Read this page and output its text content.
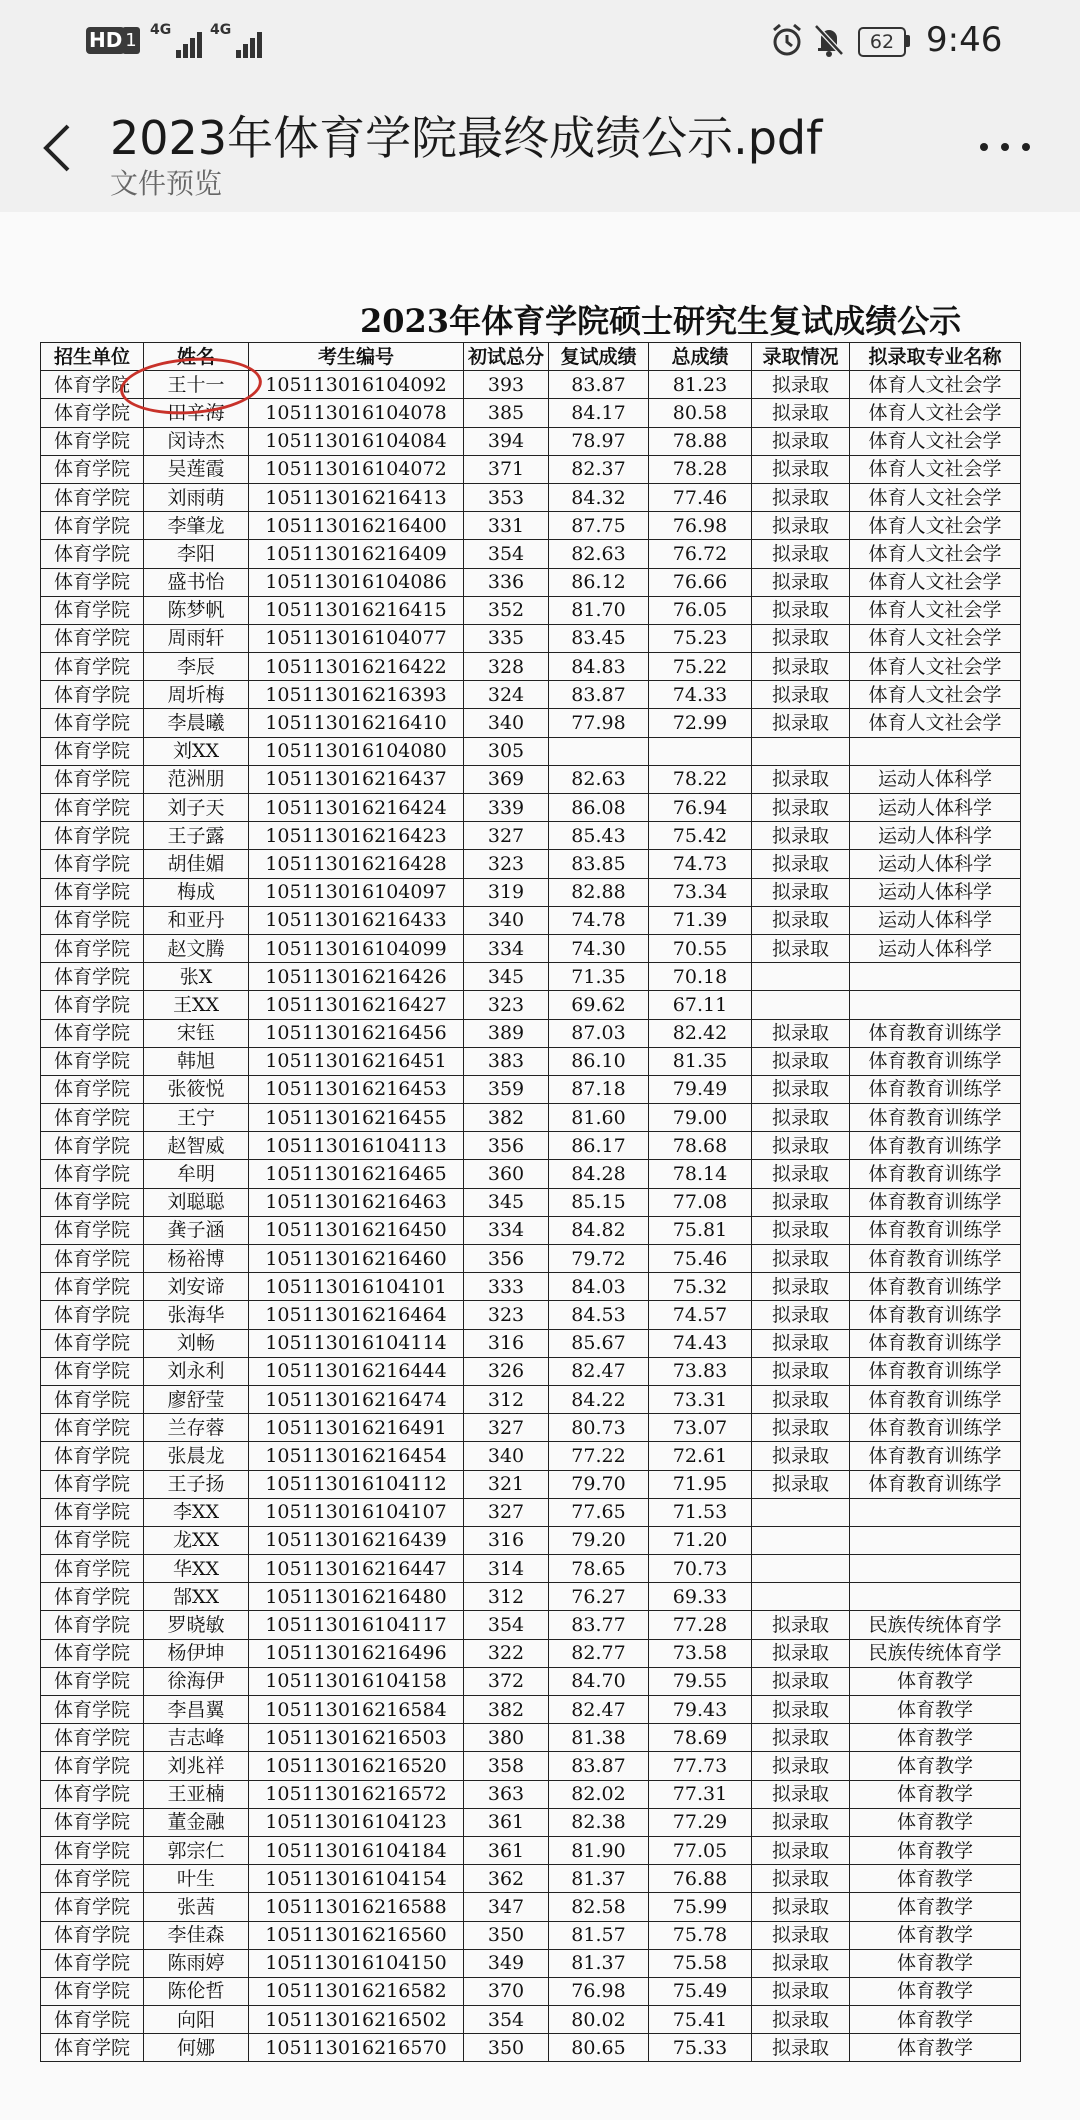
HD 1 4G	4G
62 9:46
2023年体育学院最终成绩公示.pdf
文件预览
2023年体育学院硕士研究生复试成绩公示
招生单位	姓名	考生编号	初试总分	复试成绩	总成绩	录取情况	拟录取专业名称
体育学院	王十一	105113016104092	393	83.87	81.23	拟录取	体育人文社会学
体育学院	田辛海	105113016104078	385	84.17	80.58	拟录取	体育人文社会学
体育学院	闵诗杰	105113016104084	394	78.97	78.88	拟录取	体育人文社会学
体育学院	吴莲霞	105113016104072	371	82.37	78.28	拟录取	体育人文社会学
体育学院	刘雨萌	105113016216413	353	84.32	77.46	拟录取	体育人文社会学
体育学院	李肇龙	105113016216400	331	87.75	76.98	拟录取	体育人文社会学
体育学院	李阳	105113016216409	354	82.63	76.72	拟录取	体育人文社会学
体育学院	盛书怡	105113016104086	336	86.12	76.66	拟录取	体育人文社会学
体育学院	陈梦帆	105113016216415	352	81.70	76.05	拟录取	体育人文社会学
体育学院	周雨轩	105113016104077	335	83.45	75.23	拟录取	体育人文社会学
体育学院	李辰	105113016216422	328	84.83	75.22	拟录取	体育人文社会学
体育学院	周圻梅	105113016216393	324	83.87	74.33	拟录取	体育人文社会学
体育学院	李晨曦	105113016216410	340	77.98	72.99	拟录取	体育人文社会学
体育学院	刘XX	105113016104080	305				
体育学院	范洲朋	105113016216437	369	82.63	78.22	拟录取	运动人体科学
体育学院	刘子天	105113016216424	339	86.08	76.94	拟录取	运动人体科学
体育学院	王子露	105113016216423	327	85.43	75.42	拟录取	运动人体科学
体育学院	胡佳媚	105113016216428	323	83.85	74.73	拟录取	运动人体科学
体育学院	梅成	105113016104097	319	82.88	73.34	拟录取	运动人体科学
体育学院	和亚丹	105113016216433	340	74.78	71.39	拟录取	运动人体科学
体育学院	赵文腾	105113016104099	334	74.30	70.55	拟录取	运动人体科学
体育学院	张X	105113016216426	345	71.35	70.18		
体育学院	王XX	105113016216427	323	69.62	67.11		
体育学院	宋钰	105113016216456	389	87.03	82.42	拟录取	体育教育训练学
体育学院	韩旭	105113016216451	383	86.10	81.35	拟录取	体育教育训练学
体育学院	张筱悦	105113016216453	359	87.18	79.49	拟录取	体育教育训练学
体育学院	王宁	105113016216455	382	81.60	79.00	拟录取	体育教育训练学
体育学院	赵智威	105113016104113	356	86.17	78.68	拟录取	体育教育训练学
体育学院	牟明	105113016216465	360	84.28	78.14	拟录取	体育教育训练学
体育学院	刘聪聪	105113016216463	345	85.15	77.08	拟录取	体育教育训练学
体育学院	龚子涵	105113016216450	334	84.82	75.81	拟录取	体育教育训练学
体育学院	杨裕博	105113016216460	356	79.72	75.46	拟录取	体育教育训练学
体育学院	刘安谛	105113016104101	333	84.03	75.32	拟录取	体育教育训练学
体育学院	张海华	105113016216464	323	84.53	74.57	拟录取	体育教育训练学
体育学院	刘畅	105113016104114	316	85.67	74.43	拟录取	体育教育训练学
体育学院	刘永利	105113016216444	326	82.47	73.83	拟录取	体育教育训练学
体育学院	廖舒莹	105113016216474	312	84.22	73.31	拟录取	体育教育训练学
体育学院	兰存蓉	105113016216491	327	80.73	73.07	拟录取	体育教育训练学
体育学院	张晨龙	105113016216454	340	77.22	72.61	拟录取	体育教育训练学
体育学院	王子扬	105113016104112	321	79.70	71.95	拟录取	体育教育训练学
体育学院	李XX	105113016104107	327	77.65	71.53		
体育学院	龙XX	105113016216439	316	79.20	71.20		
体育学院	华XX	105113016216447	314	78.65	70.73		
体育学院	郜XX	105113016216480	312	76.27	69.33		
体育学院	罗晓敏	105113016104117	354	83.77	77.28	拟录取	民族传统体育学
体育学院	杨伊坤	105113016216496	322	82.77	73.58	拟录取	民族传统体育学
体育学院	徐海伊	105113016104158	372	84.70	79.55	拟录取	体育教学
体育学院	李昌翼	105113016216584	382	82.47	79.43	拟录取	体育教学
体育学院	吉志峰	105113016216503	380	81.38	78.69	拟录取	体育教学
体育学院	刘兆祥	105113016216520	358	83.87	77.73	拟录取	体育教学
体育学院	王亚楠	105113016216572	363	82.02	77.31	拟录取	体育教学
体育学院	董金融	105113016104123	361	82.38	77.29	拟录取	体育教学
体育学院	郭宗仁	105113016104184	361	81.90	77.05	拟录取	体育教学
体育学院	叶生	105113016104154	362	81.37	76.88	拟录取	体育教学
体育学院	张茜	105113016216588	347	82.58	75.99	拟录取	体育教学
体育学院	李佳森	105113016216560	350	81.57	75.78	拟录取	体育教学
体育学院	陈雨婷	105113016104150	349	81.37	75.58	拟录取	体育教学
体育学院	陈伦哲	105113016216582	370	76.98	75.49	拟录取	体育教学
体育学院	向阳	105113016216502	354	80.02	75.41	拟录取	体育教学
体育学院	何娜	105113016216570	350	80.65	75.33	拟录取	体育教学
